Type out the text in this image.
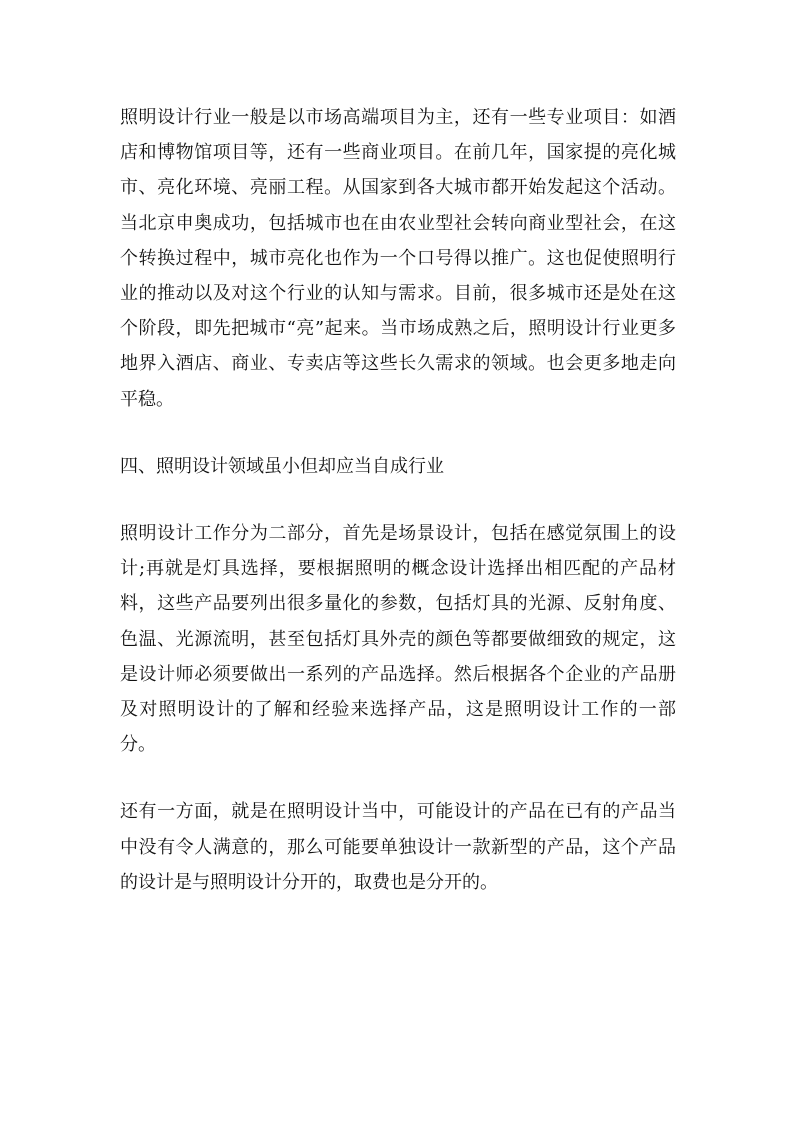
照明设计行业一般是以市场高端项目为主，还有一些专业项目：如酒店和博物馆项目等，还有一些商业项目。在前几年，国家提的亮化城市、亮化环境、亮丽工程。从国家到各大城市都开始发起这个活动。当北京申奥成功，包括城市也在由农业型社会转向商业型社会，在这个转换过程中，城市亮化也作为一个口号得以推广。这也促使照明行业的推动以及对这个行业的认知与需求。目前，很多城市还是处在这个阶段，即先把城市“亮”起来。当市场成熟之后，照明设计行业更多地界入酒店、商业、专卖店等这些长久需求的领域。也会更多地走向平稳。

四、照明设计领域虽小但却应当自成行业

照明设计工作分为二部分，首先是场景设计，包括在感觉氛围上的设计;再就是灯具选择，要根据照明的概念设计选择出相匹配的产品材料，这些产品要列出很多量化的参数，包括灯具的光源、反射角度、色温、光源流明，甚至包括灯具外壳的颜色等都要做细致的规定，这是设计师必须要做出一系列的产品选择。然后根据各个企业的产品册及对照明设计的了解和经验来选择产品，这是照明设计工作的一部分。

还有一方面，就是在照明设计当中，可能设计的产品在已有的产品当中没有令人满意的，那么可能要单独设计一款新型的产品，这个产品的设计是与照明设计分开的，取费也是分开的。
